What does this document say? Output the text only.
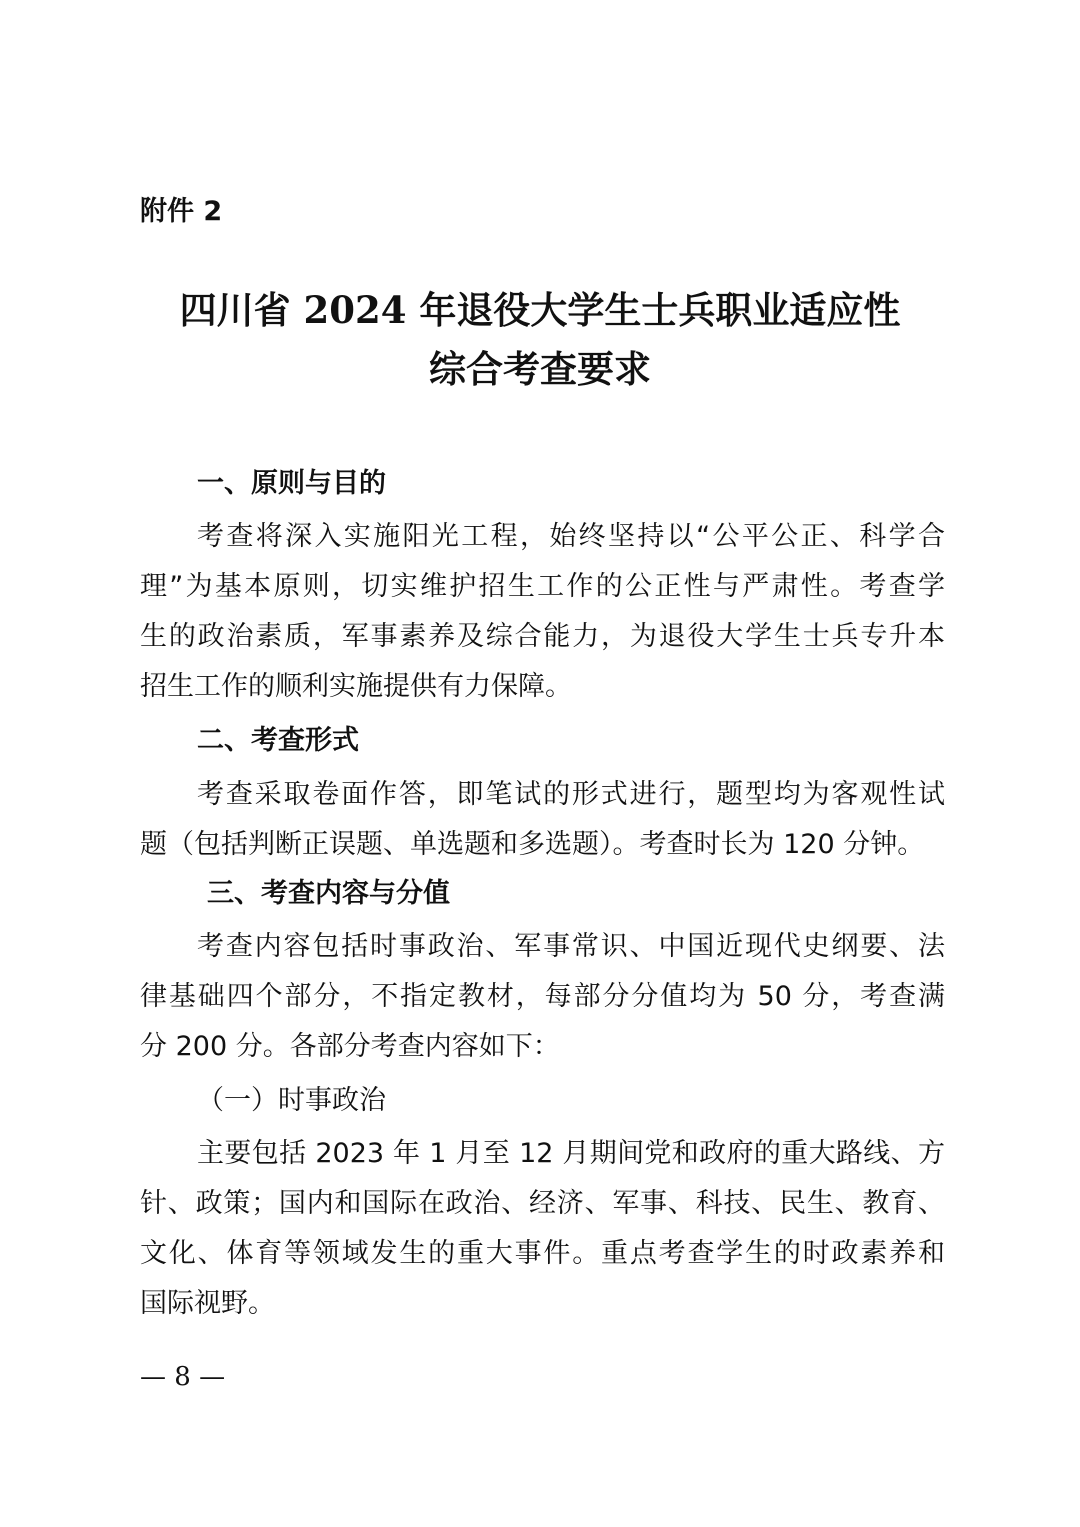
附件 2
四川省 2024 年退役大学生士兵职业适应性
综合考查要求
一、原则与目的
考查将深入实施阳光工程，始终坚持以“公平公正、科学合
理”为基本原则，切实维护招生工作的公正性与严肃性。考查学
生的政治素质，军事素养及综合能力，为退役大学生士兵专升本
招生工作的顺利实施提供有力保障。
二、考查形式
考查采取卷面作答，即笔试的形式进行，题型均为客观性试
题（包括判断正误题、单选题和多选题）。考查时长为 120 分钟。
三、考查内容与分值
考查内容包括时事政治、军事常识、中国近现代史纲要、法
律基础四个部分，不指定教材，每部分分值均为 50 分，考查满
分 200 分。各部分考查内容如下：
（一）时事政治
主要包括 2023 年 1 月至 12 月期间党和政府的重大路线、方
针、政策；国内和国际在政治、经济、军事、科技、民生、教育、
文化、体育等领域发生的重大事件。重点考查学生的时政素养和
国际视野。
— 8 —
